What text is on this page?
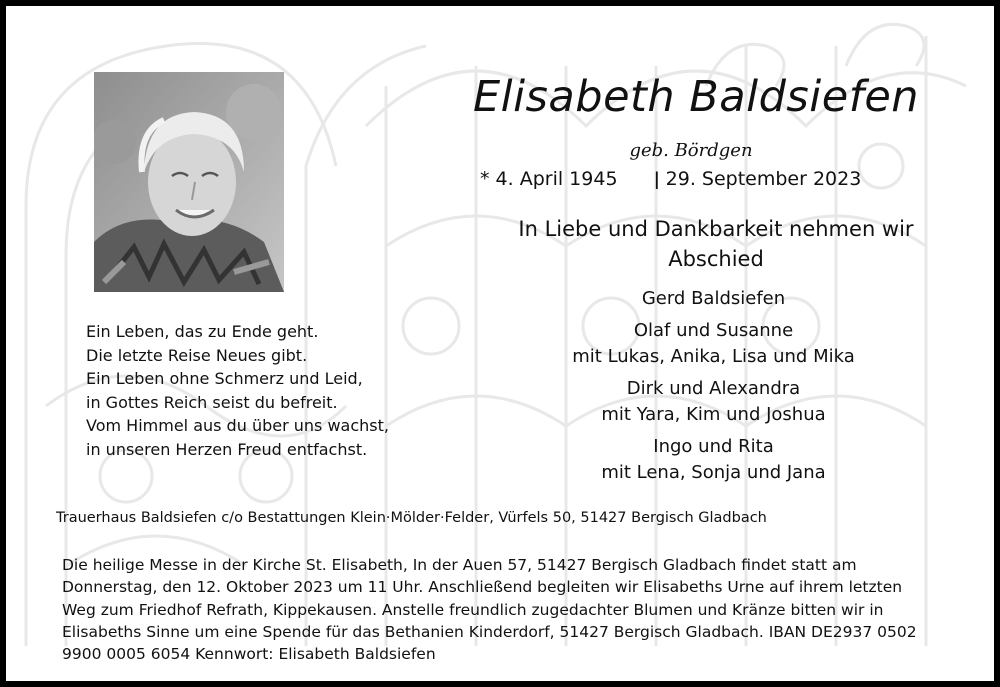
Elisabeth Baldsiefen
geb. Bördgen
* 4. April 1945 ǀ 29. September 2023
In Liebe und Dankbarkeit nehmen wir
Abschied
Gerd Baldsiefen
Olaf und Susanne
mit Lukas, Anika, Lisa und Mika
Dirk und Alexandra
mit Yara, Kim und Joshua
Ingo und Rita
mit Lena, Sonja und Jana
Ein Leben, das zu Ende geht.
Die letzte Reise Neues gibt.
Ein Leben ohne Schmerz und Leid,
in Gottes Reich seist du befreit.
Vom Himmel aus du über uns wachst,
in unseren Herzen Freud entfachst.
Trauerhaus Baldsiefen c/o Bestattungen Klein·Mölder·Felder, Vürfels 50, 51427 Bergisch Gladbach
Die heilige Messe in der Kirche St. Elisabeth, In der Auen 57, 51427 Bergisch Gladbach findet statt am
Donnerstag, den 12. Oktober 2023 um 11 Uhr. Anschließend begleiten wir Elisabeths Urne auf ihrem letzten
Weg zum Friedhof Refrath, Kippekausen. Anstelle freundlich zugedachter Blumen und Kränze bitten wir in
Elisabeths Sinne um eine Spende für das Bethanien Kinderdorf, 51427 Bergisch Gladbach. IBAN DE2937 0502
9900 0005 6054 Kennwort: Elisabeth Baldsiefen
